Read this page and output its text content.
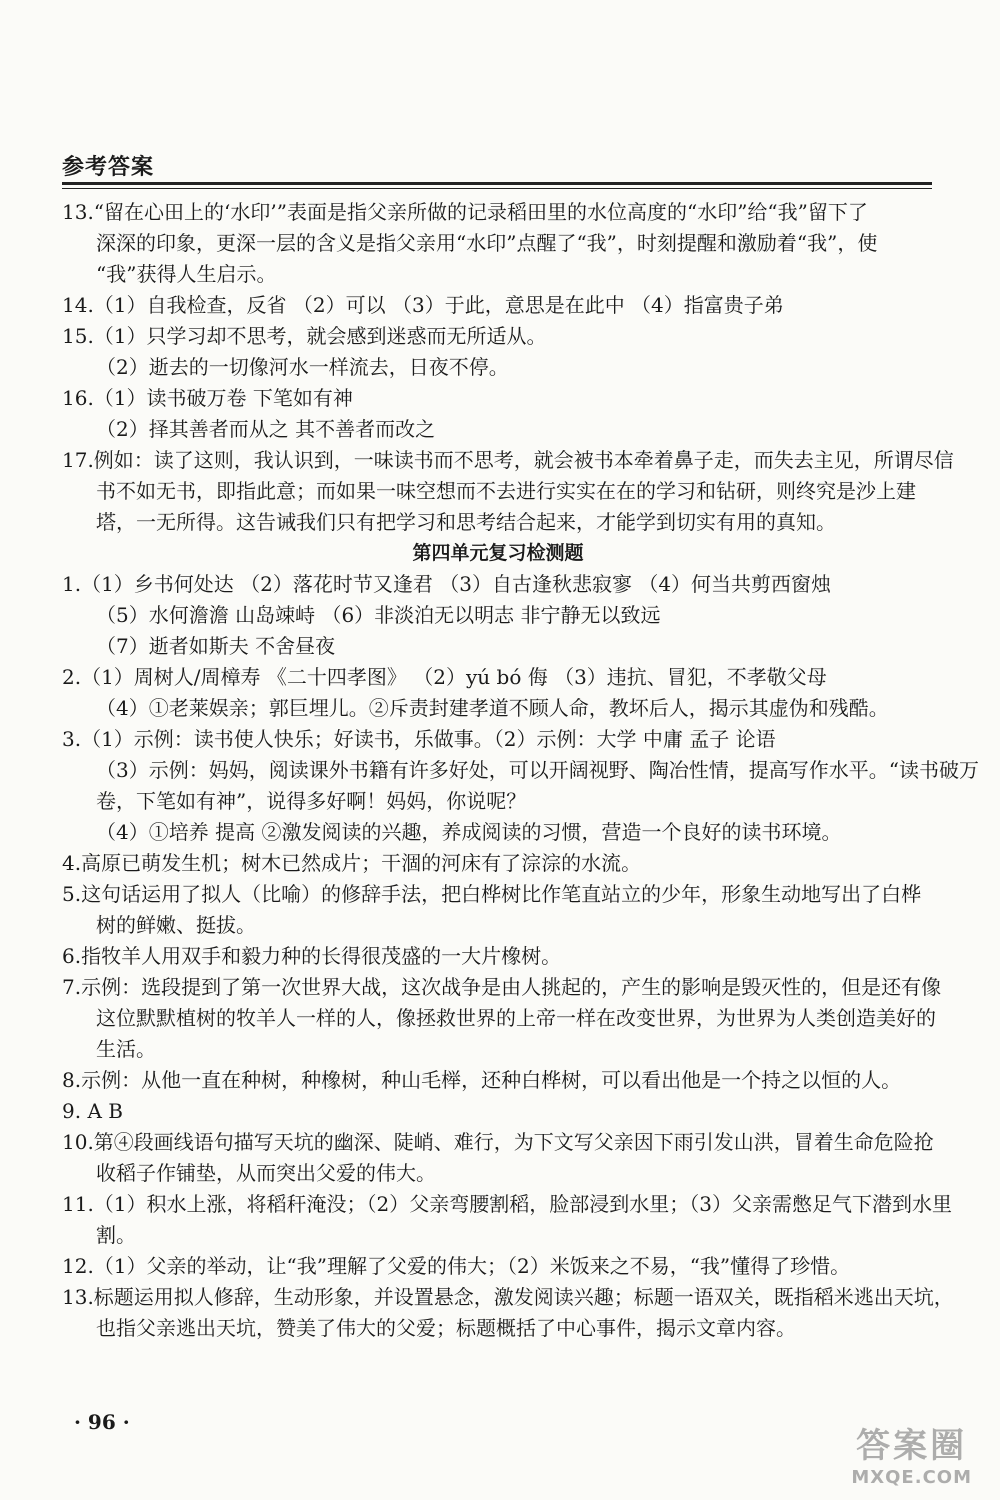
参考答案
13.“留在心田上的‘水印’”表面是指父亲所做的记录稻田里的水位高度的“水印”给“我”留下了
深深的印象，更深一层的含义是指父亲用“水印”点醒了“我”，时刻提醒和激励着“我”，使
“我”获得人生启示。
14.（1）自我检查，反省 （2）可以 （3）于此，意思是在此中 （4）指富贵子弟
15.（1）只学习却不思考，就会感到迷惑而无所适从。
（2）逝去的一切像河水一样流去，日夜不停。
16.（1）读书破万卷 下笔如有神
（2）择其善者而从之 其不善者而改之
17.例如：读了这则，我认识到，一味读书而不思考，就会被书本牵着鼻子走，而失去主见，所谓尽信
书不如无书，即指此意；而如果一味空想而不去进行实实在在的学习和钻研，则终究是沙上建
塔，一无所得。这告诫我们只有把学习和思考结合起来，才能学到切实有用的真知。
第四单元复习检测题
1.（1）乡书何处达 （2）落花时节又逢君 （3）自古逢秋悲寂寥 （4）何当共剪西窗烛
（5）水何澹澹 山岛竦峙 （6）非淡泊无以明志 非宁静无以致远
（7）逝者如斯夫 不舍昼夜
2.（1）周树人/周樟寿 《二十四孝图》 （2）yú bó 侮 （3）违抗、冒犯，不孝敬父母
（4）①老莱娱亲；郭巨埋儿。②斥责封建孝道不顾人命，教坏后人，揭示其虚伪和残酷。
3.（1）示例：读书使人快乐；好读书，乐做事。（2）示例：大学 中庸 孟子 论语
（3）示例：妈妈，阅读课外书籍有许多好处，可以开阔视野、陶冶性情，提高写作水平。“读书破万
卷，下笔如有神”，说得多好啊！妈妈，你说呢？
（4）①培养 提高 ②激发阅读的兴趣，养成阅读的习惯，营造一个良好的读书环境。
4.高原已萌发生机；树木已然成片；干涸的河床有了淙淙的水流。
5.这句话运用了拟人（比喻）的修辞手法，把白桦树比作笔直站立的少年，形象生动地写出了白桦
树的鲜嫩、挺拔。
6.指牧羊人用双手和毅力种的长得很茂盛的一大片橡树。
7.示例：选段提到了第一次世界大战，这次战争是由人挑起的，产生的影响是毁灭性的，但是还有像
这位默默植树的牧羊人一样的人，像拯救世界的上帝一样在改变世界，为世界为人类创造美好的
生活。
8.示例：从他一直在种树，种橡树，种山毛榉，还种白桦树，可以看出他是一个持之以恒的人。
9. A B
10.第④段画线语句描写天坑的幽深、陡峭、难行，为下文写父亲因下雨引发山洪，冒着生命危险抢
收稻子作铺垫，从而突出父爱的伟大。
11.（1）积水上涨，将稻秆淹没；（2）父亲弯腰割稻，脸部浸到水里；（3）父亲需憋足气下潜到水里
割。
12.（1）父亲的举动，让“我”理解了父爱的伟大；（2）米饭来之不易，“我”懂得了珍惜。
13.标题运用拟人修辞，生动形象，并设置悬念，激发阅读兴趣；标题一语双关，既指稻米逃出天坑，
也指父亲逃出天坑，赞美了伟大的父爱；标题概括了中心事件，揭示文章内容。
· 96 ·
答案圈
MXQE.COM
